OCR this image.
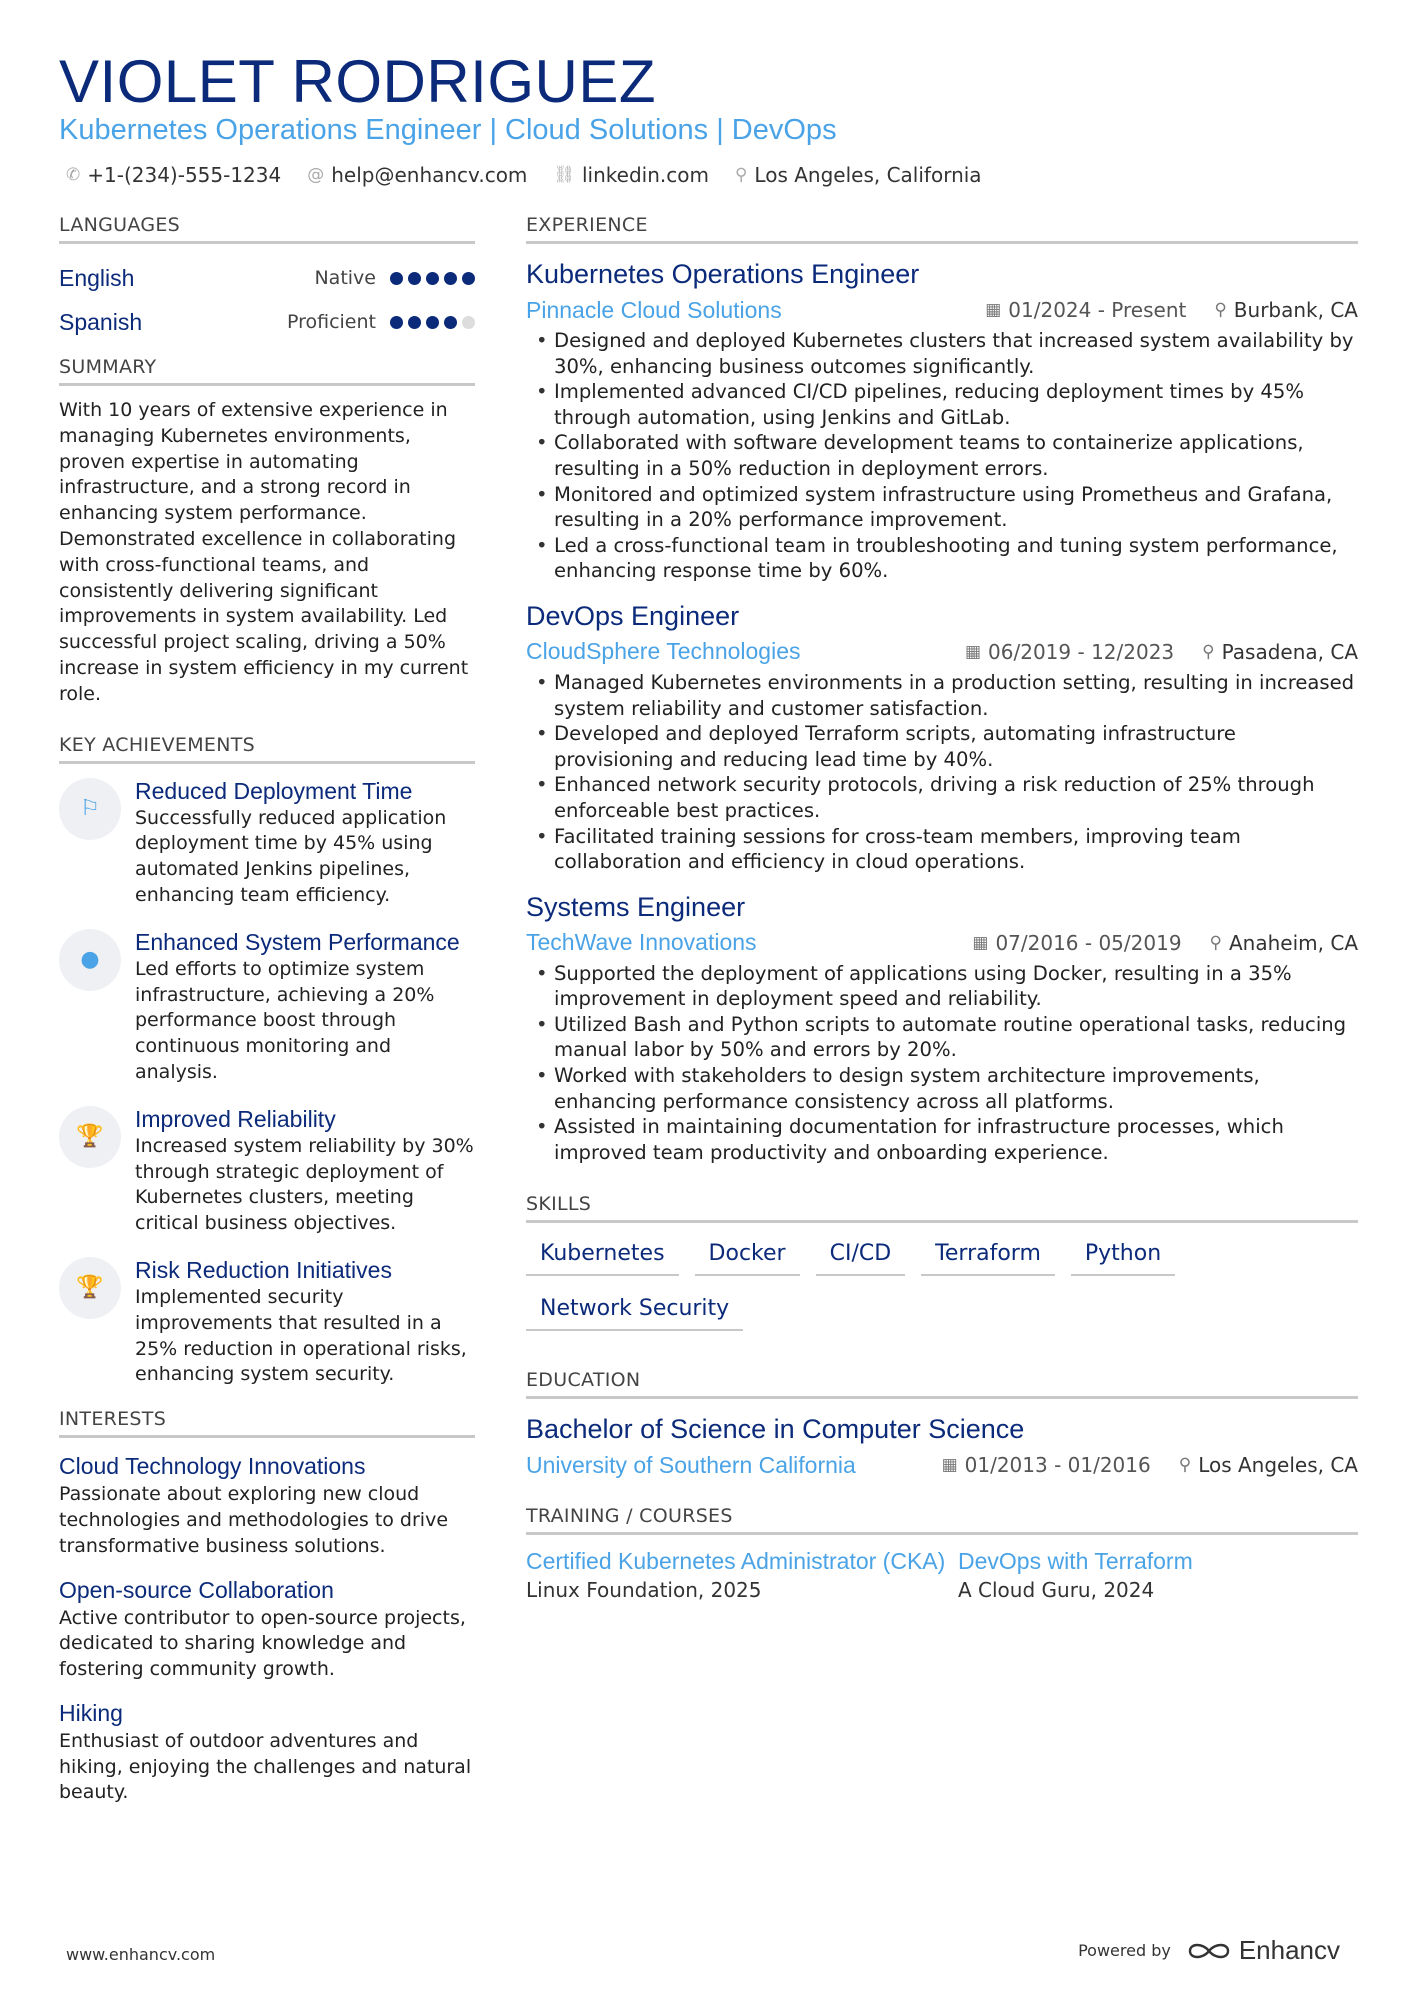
VIOLET RODRIGUEZ
Kubernetes Operations Engineer | Cloud Solutions | DevOps
✆ +1-(234)-555-1234 @ help@enhancv.com ⛓ linkedin.com ⚲ Los Angeles, California
LANGUAGES
English	Native
Spanish	Proficient
SUMMARY
With 10 years of extensive experience in managing Kubernetes environments, proven expertise in automating infrastructure, and a strong record in enhancing system performance. Demonstrated excellence in collaborating with cross-functional teams, and consistently delivering significant improvements in system availability. Led successful project scaling, driving a 50% increase in system efficiency in my current role.
KEY ACHIEVEMENTS
⚐
Reduced Deployment Time
Successfully reduced application deployment time by 45% using automated Jenkins pipelines, enhancing team efficiency.
●
Enhanced System Performance
Led efforts to optimize system infrastructure, achieving a 20% performance boost through continuous monitoring and analysis.
🏆
Improved Reliability
Increased system reliability by 30% through strategic deployment of Kubernetes clusters, meeting critical business objectives.
🏆
Risk Reduction Initiatives
Implemented security improvements that resulted in a 25% reduction in operational risks, enhancing system security.
INTERESTS
Cloud Technology Innovations
Passionate about exploring new cloud technologies and methodologies to drive transformative business solutions.
Open-source Collaboration
Active contributor to open-source projects, dedicated to sharing knowledge and fostering community growth.
Hiking
Enthusiast of outdoor adventures and hiking, enjoying the challenges and natural beauty.
EXPERIENCE
Kubernetes Operations Engineer
Pinnacle Cloud Solutions	▦ 01/2024 - Present ⚲ Burbank, CA
• Designed and deployed Kubernetes clusters that increased system availability by 30%, enhancing business outcomes significantly.
• Implemented advanced CI/CD pipelines, reducing deployment times by 45% through automation, using Jenkins and GitLab.
• Collaborated with software development teams to containerize applications, resulting in a 50% reduction in deployment errors.
• Monitored and optimized system infrastructure using Prometheus and Grafana, resulting in a 20% performance improvement.
• Led a cross-functional team in troubleshooting and tuning system performance, enhancing response time by 60%.
DevOps Engineer
CloudSphere Technologies	▦ 06/2019 - 12/2023 ⚲ Pasadena, CA
• Managed Kubernetes environments in a production setting, resulting in increased system reliability and customer satisfaction.
• Developed and deployed Terraform scripts, automating infrastructure provisioning and reducing lead time by 40%.
• Enhanced network security protocols, driving a risk reduction of 25% through enforceable best practices.
• Facilitated training sessions for cross-team members, improving team collaboration and efficiency in cloud operations.
Systems Engineer
TechWave Innovations	▦ 07/2016 - 05/2019 ⚲ Anaheim, CA
• Supported the deployment of applications using Docker, resulting in a 35% improvement in deployment speed and reliability.
• Utilized Bash and Python scripts to automate routine operational tasks, reducing manual labor by 50% and errors by 20%.
• Worked with stakeholders to design system architecture improvements, enhancing performance consistency across all platforms.
• Assisted in maintaining documentation for infrastructure processes, which improved team productivity and onboarding experience.
SKILLS
Kubernetes	Docker	CI/CD	Terraform	Python
Network Security
EDUCATION
Bachelor of Science in Computer Science
University of Southern California	▦ 01/2013 - 01/2016 ⚲ Los Angeles, CA
TRAINING / COURSES
Certified Kubernetes Administrator (CKA)
Linux Foundation, 2025
DevOps with Terraform
A Cloud Guru, 2024
www.enhancv.com	Powered by	Enhancv
